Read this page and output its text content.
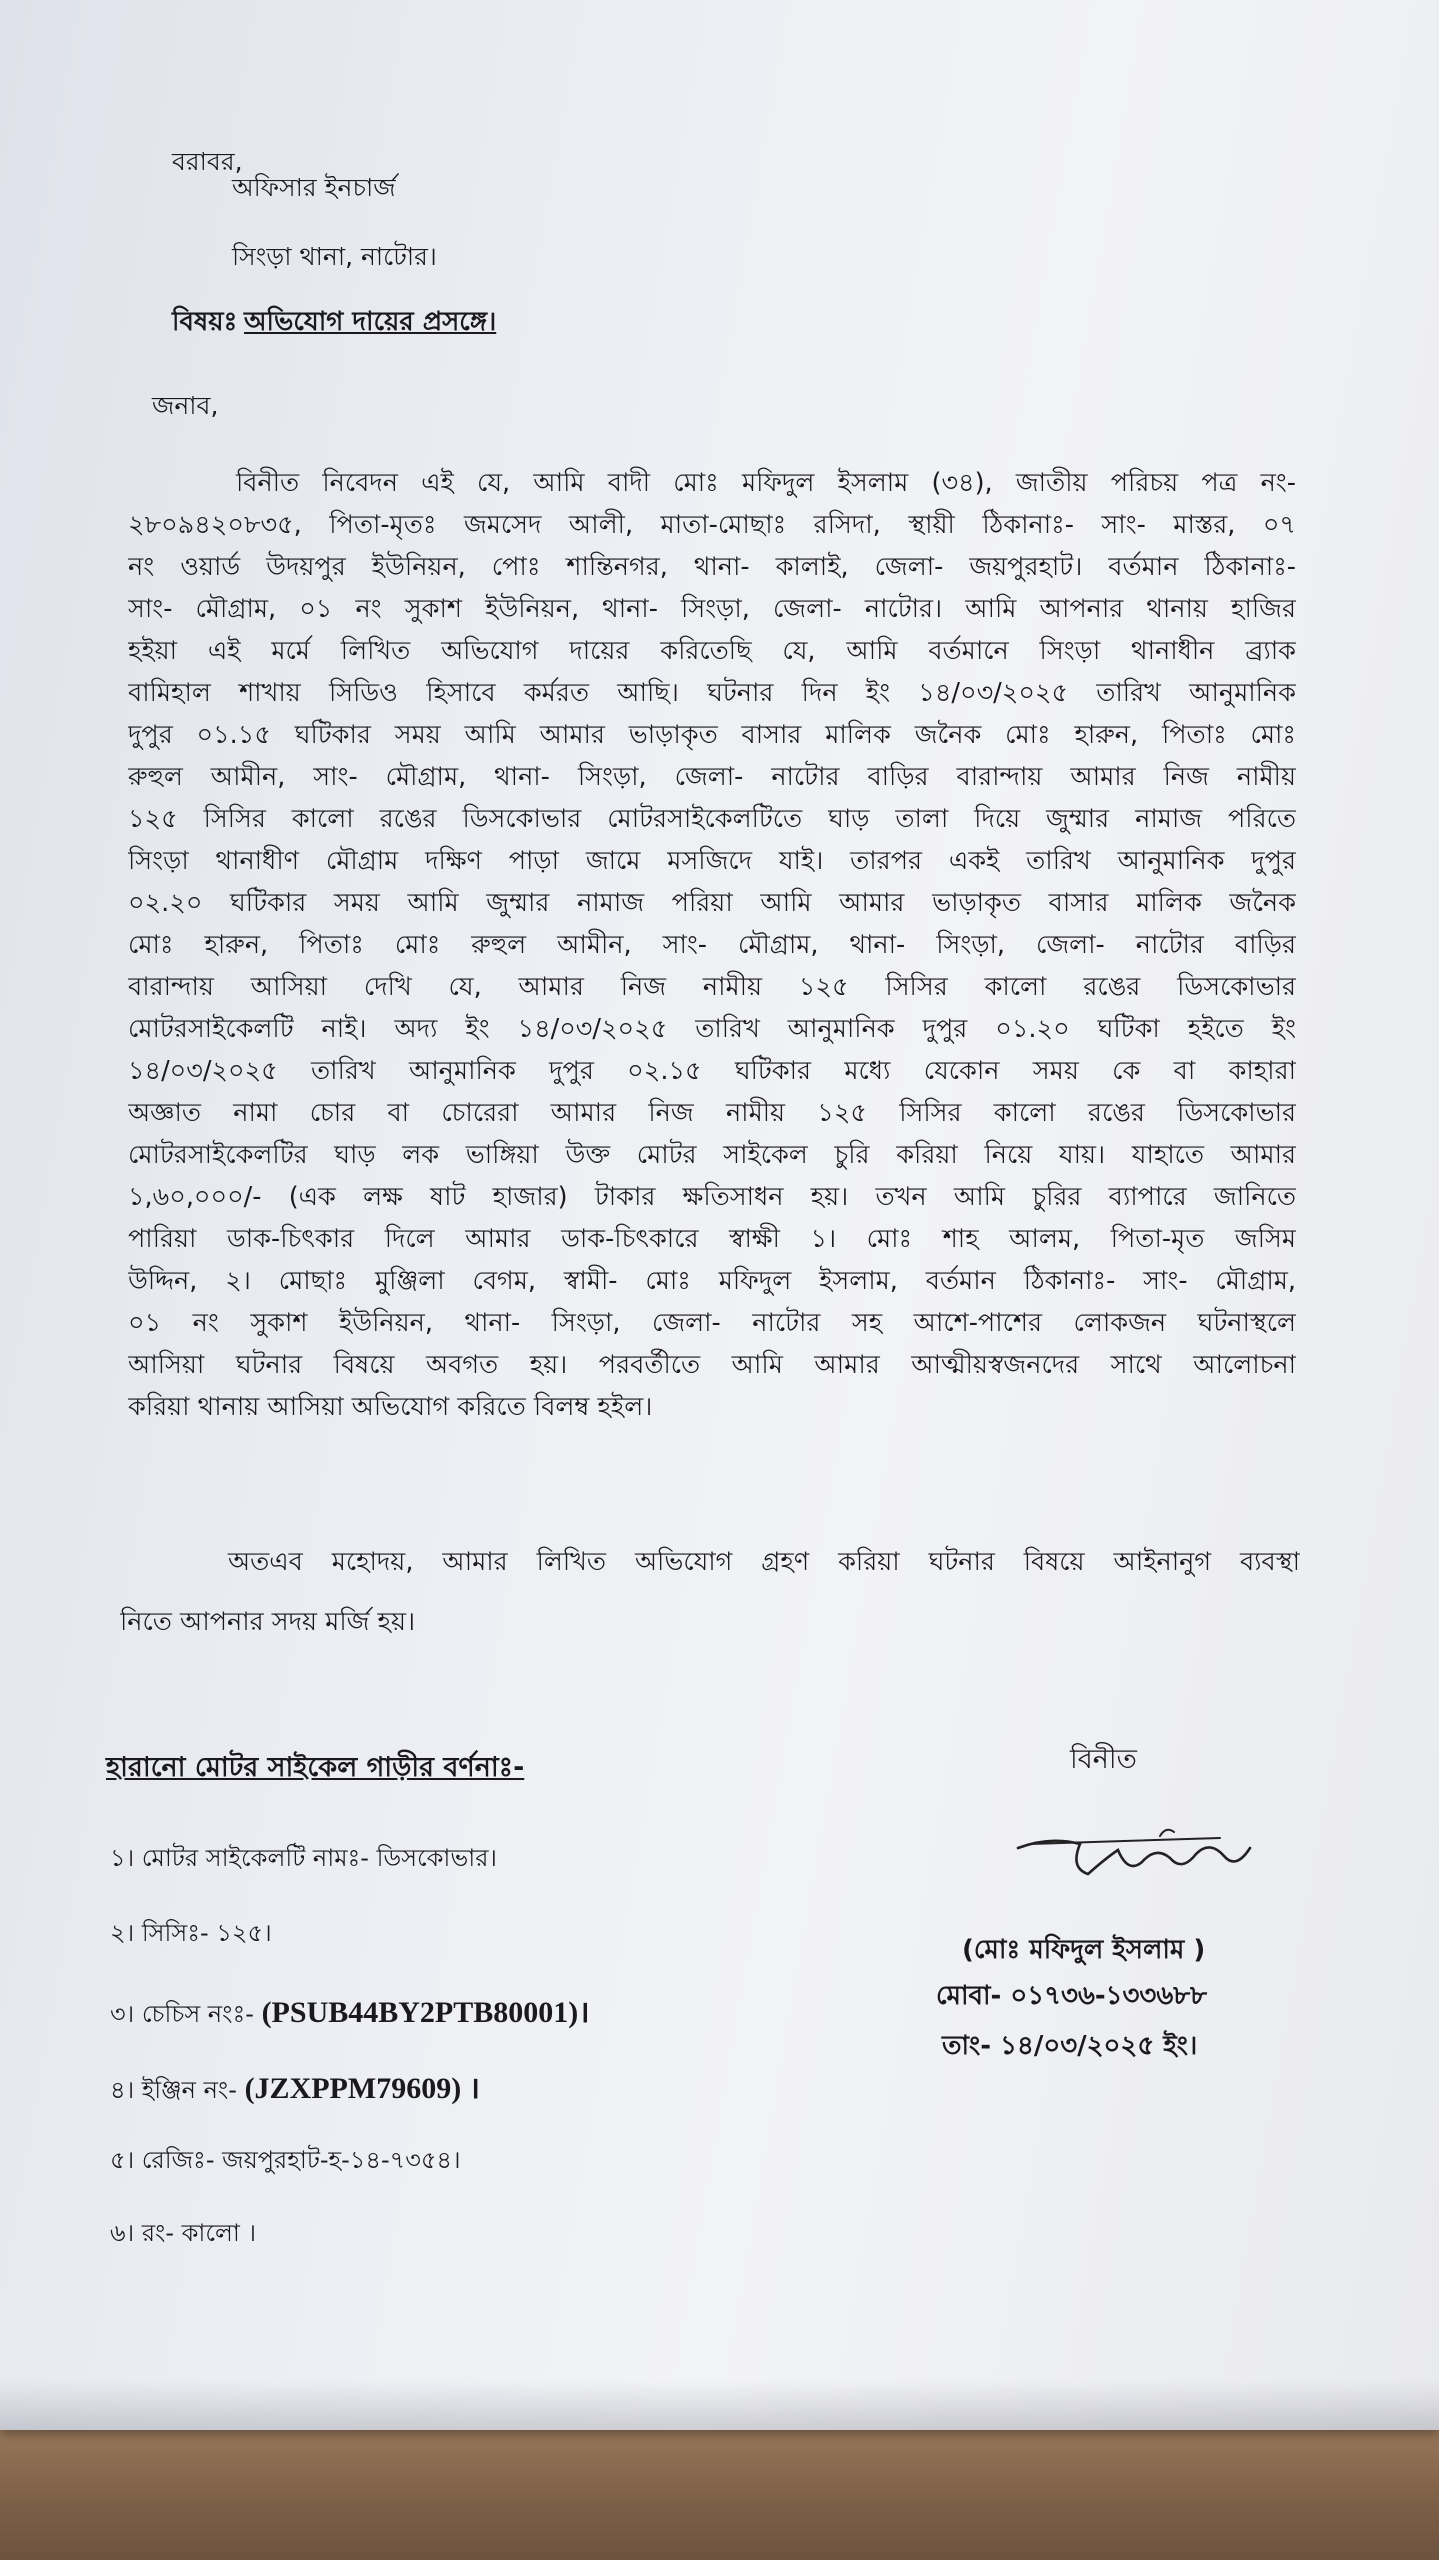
বরাবর,
অফিসার ইনচার্জ
সিংড়া থানা, নাটোর।
বিষয়ঃ অভিযোগ দায়ের প্রসঙ্গে।
জনাব,
বিনীত নিবেদন এই যে, আমি বাদী মোঃ মফিদুল ইসলাম (৩৪), জাতীয় পরিচয় পত্র নং-
২৮০৯৪২০৮৩৫, পিতা-মৃতঃ জমসেদ আলী, মাতা-মোছাঃ রসিদা, স্থায়ী ঠিকানাঃ- সাং- মাস্তর, ০৭
নং ওয়ার্ড উদয়পুর ইউনিয়ন, পোঃ শান্তিনগর, থানা- কালাই, জেলা- জয়পুরহাট। বর্তমান ঠিকানাঃ-
সাং- মৌগ্রাম, ০১ নং সুকাশ ইউনিয়ন, থানা- সিংড়া, জেলা- নাটোর। আমি আপনার থানায় হাজির
হইয়া এই মর্মে লিখিত অভিযোগ দায়ের করিতেছি যে, আমি বর্তমানে সিংড়া থানাধীন ব্র্যাক
বামিহাল শাখায় সিডিও হিসাবে কর্মরত আছি। ঘটনার দিন ইং ১৪/০৩/২০২৫ তারিখ আনুমানিক
দুপুর ০১.১৫ ঘটিকার সময় আমি আমার ভাড়াকৃত বাসার মালিক জনৈক মোঃ হারুন, পিতাঃ মোঃ
রুহুল আমীন, সাং- মৌগ্রাম, থানা- সিংড়া, জেলা- নাটোর বাড়ির বারান্দায় আমার নিজ নামীয়
১২৫ সিসির কালো রঙের ডিসকোভার মোটরসাইকেলটিতে ঘাড় তালা দিয়ে জুম্মার নামাজ পরিতে
সিংড়া থানাধীণ মৌগ্রাম দক্ষিণ পাড়া জামে মসজিদে যাই। তারপর একই তারিখ আনুমানিক দুপুর
০২.২০ ঘটিকার সময় আমি জুম্মার নামাজ পরিয়া আমি আমার ভাড়াকৃত বাসার মালিক জনৈক
মোঃ হারুন, পিতাঃ মোঃ রুহুল আমীন, সাং- মৌগ্রাম, থানা- সিংড়া, জেলা- নাটোর বাড়ির
বারান্দায় আসিয়া দেখি যে, আমার নিজ নামীয় ১২৫ সিসির কালো রঙের ডিসকোভার
মোটরসাইকেলটি নাই। অদ্য ইং ১৪/০৩/২০২৫ তারিখ আনুমানিক দুপুর ০১.২০ ঘটিকা হইতে ইং
১৪/০৩/২০২৫ তারিখ আনুমানিক দুপুর ০২.১৫ ঘটিকার মধ্যে যেকোন সময় কে বা কাহারা
অজ্ঞাত নামা চোর বা চোরেরা আমার নিজ নামীয় ১২৫ সিসির কালো রঙের ডিসকোভার
মোটরসাইকেলটির ঘাড় লক ভাঙ্গিয়া উক্ত মোটর সাইকেল চুরি করিয়া নিয়ে যায়। যাহাতে আমার
১,৬০,০০০/- (এক লক্ষ ষাট হাজার) টাকার ক্ষতিসাধন হয়। তখন আমি চুরির ব্যাপারে জানিতে
পারিয়া ডাক-চিৎকার দিলে আমার ডাক-চিৎকারে স্বাক্ষী ১। মোঃ শাহ আলম, পিতা-মৃত জসিম
উদ্দিন, ২। মোছাঃ মুঞ্জিলা বেগম, স্বামী- মোঃ মফিদুল ইসলাম, বর্তমান ঠিকানাঃ- সাং- মৌগ্রাম,
০১ নং সুকাশ ইউনিয়ন, থানা- সিংড়া, জেলা- নাটোর সহ আশে-পাশের লোকজন ঘটনাস্থলে
আসিয়া ঘটনার বিষয়ে অবগত হয়। পরবর্তীতে আমি আমার আত্মীয়স্বজনদের সাথে আলোচনা
করিয়া থানায় আসিয়া অভিযোগ করিতে বিলম্ব হইল।
অতএব মহোদয়, আমার লিখিত অভিযোগ গ্রহণ করিয়া ঘটনার বিষয়ে আইনানুগ ব্যবস্থা
নিতে আপনার সদয় মর্জি হয়।
হারানো মোটর সাইকেল গাড়ীর বর্ণনাঃ-
১। মোটর সাইকেলটি নামঃ- ডিসকোভার।
২। সিসিঃ- ১২৫।
৩। চেচিস নংঃ- (PSUB44BY2PTB80001)।
৪। ইঞ্জিন নং- (JZXPPM79609) ।
৫। রেজিঃ- জয়পুরহাট-হ-১৪-৭৩৫৪।
৬। রং- কালো ।
বিনীত
(মোঃ মফিদুল ইসলাম )
মোবা- ০১৭৩৬-১৩৩৬৮৮
তাং- ১৪/০৩/২০২৫ ইং।
